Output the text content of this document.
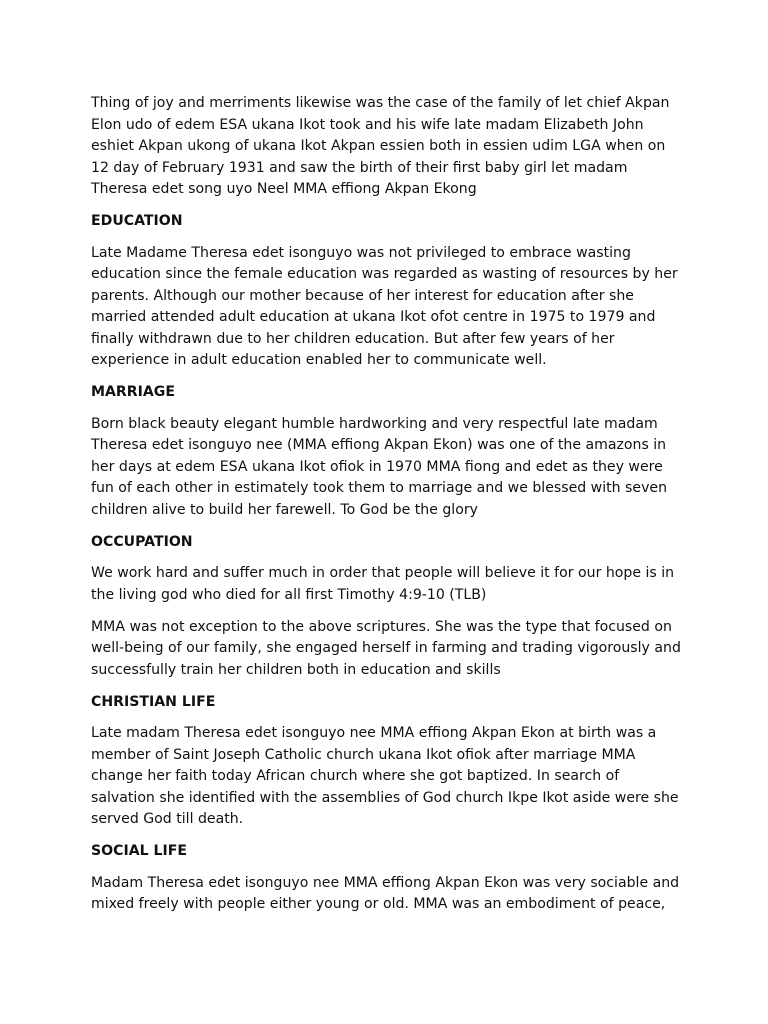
Thing of joy and merriments likewise was the case of the family of let chief Akpan Elon udo of edem ESA ukana Ikot took and his wife late madam Elizabeth John eshiet Akpan ukong of ukana Ikot Akpan essien both in essien udim LGA when on 12 day of February 1931 and saw the birth of their first baby girl let madam Theresa edet song uyo Neel MMA effiong Akpan Ekong

EDUCATION

Late Madame Theresa edet isonguyo was not privileged to embrace wasting education since the female education was regarded as wasting of resources by her parents. Although our mother because of her interest for education after she married attended adult education at ukana Ikot ofot centre in 1975 to 1979 and finally withdrawn due to her children education. But after few years of her experience in adult education enabled her to communicate well.

MARRIAGE

Born black beauty elegant humble hardworking and very respectful late madam Theresa edet isonguyo nee (MMA effiong Akpan Ekon) was one of the amazons in her days at edem ESA ukana Ikot ofiok in 1970 MMA fiong and edet as they were fun of each other in estimately took them to marriage and we blessed with seven children alive to build her farewell. To God be the glory

OCCUPATION

We work hard and suffer much in order that people will believe it for our hope is in the living god who died for all first Timothy 4:9-10 (TLB)

MMA was not exception to the above scriptures. She was the type that focused on well-being of our family, she engaged herself in farming and trading vigorously and successfully train her children both in education and skills

CHRISTIAN LIFE

Late madam Theresa edet isonguyo nee MMA effiong Akpan Ekon at birth was a member of Saint Joseph Catholic church ukana Ikot ofiok after marriage MMA change her faith today African church where she got baptized. In search of salvation she identified with the assemblies of God church Ikpe Ikot aside were she served God till death.

SOCIAL LIFE

Madam Theresa edet isonguyo nee MMA effiong Akpan Ekon was very sociable and mixed freely with people either young or old. MMA was an embodiment of peace,
